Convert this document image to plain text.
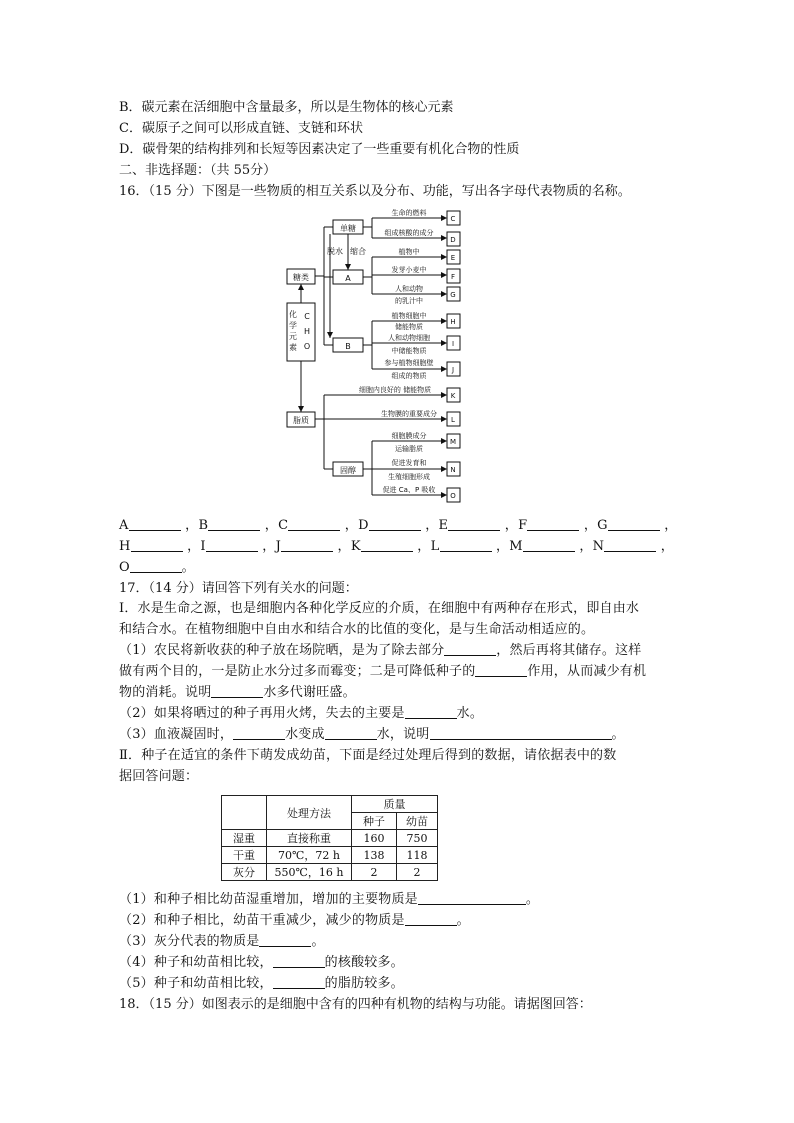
B．碳元素在活细胞中含量最多，所以是生物体的核心元素
C．碳原子之间可以形成直链、支链和环状
D．碳骨架的结构排列和长短等因素决定了一些重要有机化合物的性质
二、非选择题：（共 55分）
16．（15 分）下图是一些物质的相互关系以及分布、功能，写出各字母代表物质的名称。
糖类
脂质
单糖
A
B
固醇
化
学
元
素
C
H
O
脱水 缩合
生命的燃料
组成核酸的成分
植物中
发芽小麦中
人和动物
的乳汁中
植物细胞中
储能物质
人和动物细胞
中储能物质
参与植物细胞壁
组成的物质
细胞内良好的 储能物质
生物膜的重要成分
细胞膜成分
运输脂质
促进发育和
生殖细胞形成
促进 Ca、P 吸收
C
D
E
F
G
H
I
J
K
L
M
N
O
A	，B	，C	，D	，E	，F	，G	，
H	，I	，J	，K	，L	，M	，N	，
O	。
17．（14 分）请回答下列有关水的问题：
Ⅰ．水是生命之源，也是细胞内各种化学反应的介质，在细胞中有两种存在形式，即自由水
和结合水。在植物细胞中自由水和结合水的比值的变化，是与生命活动相适应的。
（1）农民将新收获的种子放在场院晒，是为了除去部分	，然后再将其储存。这样
做有两个目的，一是防止水分过多而霉变；二是可降低种子的	作用，从而减少有机
物的消耗。说明	水多代谢旺盛。
（2）如果将晒过的种子再用火烤，失去的主要是	水。
（3）血液凝固时，	水变成	水，说明	。
Ⅱ．种子在适宜的条件下萌发成幼苗，下面是经过处理后得到的数据，请依据表中的数
据回答问题：
	处理方法	质量	
		种子	幼苗
湿重	直接称重	160	750
干重	70℃，72 h	138	118
灰分	550℃，16 h	2	2
（1）和种子相比幼苗湿重增加，增加的主要物质是	。
（2）和种子相比，幼苗干重减少，减少的物质是	。
（3）灰分代表的物质是	。
（4）种子和幼苗相比较，	的核酸较多。
（5）种子和幼苗相比较，	的脂肪较多。
18．（15 分）如图表示的是细胞中含有的四种有机物的结构与功能。请据图回答：
